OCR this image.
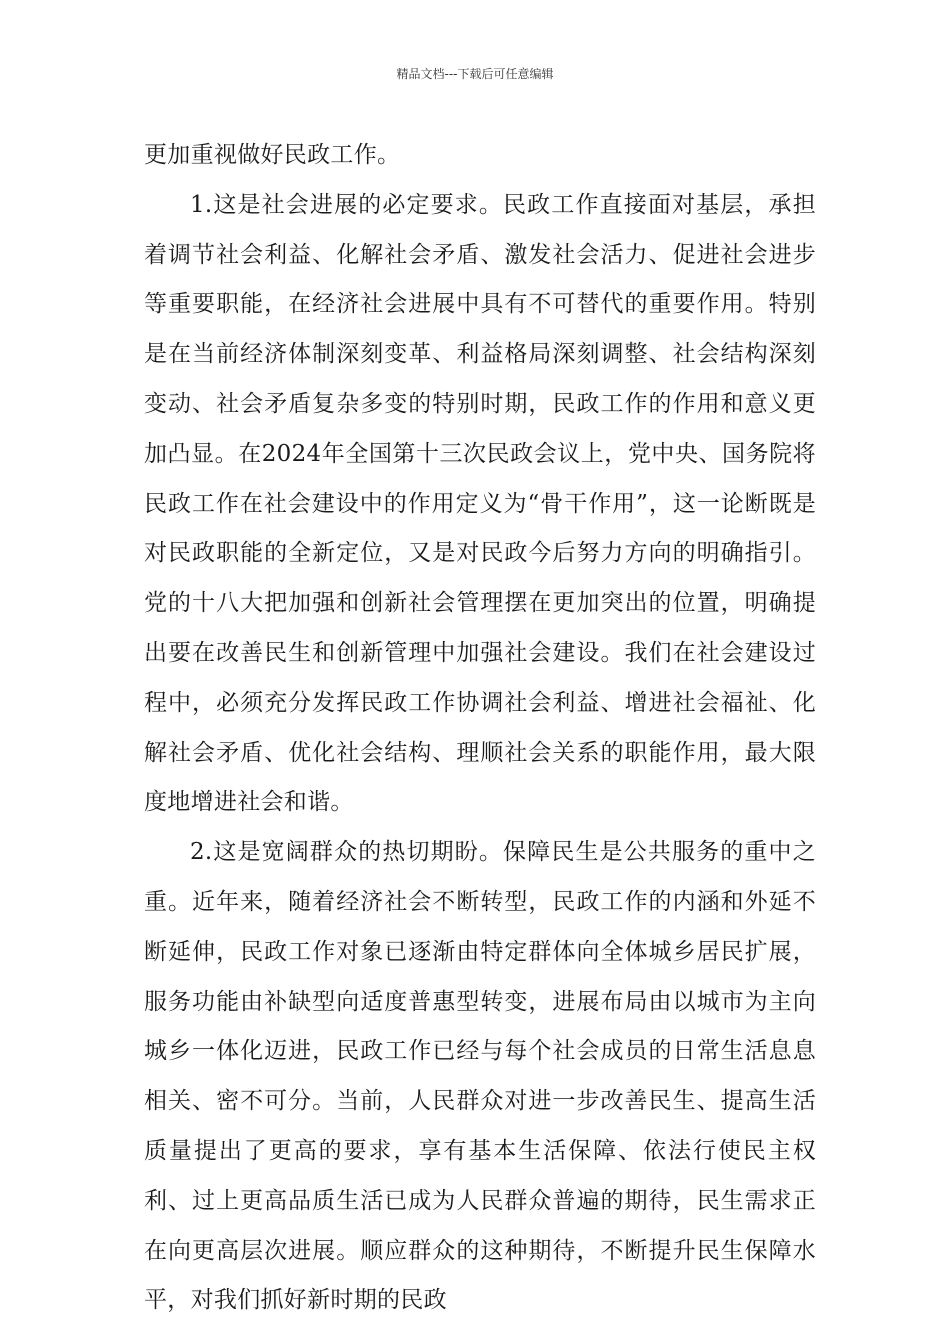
精品文档---下载后可任意编辑

更加重视做好民政工作。

1.这是社会进展的必定要求。民政工作直接面对基层，承担着调节社会利益、化解社会矛盾、激发社会活力、促进社会进步等重要职能，在经济社会进展中具有不可替代的重要作用。特别是在当前经济体制深刻变革、利益格局深刻调整、社会结构深刻变动、社会矛盾复杂多变的特别时期，民政工作的作用和意义更加凸显。在2024年全国第十三次民政会议上，党中央、国务院将民政工作在社会建设中的作用定义为“骨干作用”，这一论断既是对民政职能的全新定位，又是对民政今后努力方向的明确指引。党的十八大把加强和创新社会管理摆在更加突出的位置，明确提出要在改善民生和创新管理中加强社会建设。我们在社会建设过程中，必须充分发挥民政工作协调社会利益、增进社会福祉、化解社会矛盾、优化社会结构、理顺社会关系的职能作用，最大限度地增进社会和谐。

2.这是宽阔群众的热切期盼。保障民生是公共服务的重中之重。近年来，随着经济社会不断转型，民政工作的内涵和外延不断延伸，民政工作对象已逐渐由特定群体向全体城乡居民扩展，服务功能由补缺型向适度普惠型转变，进展布局由以城市为主向城乡一体化迈进，民政工作已经与每个社会成员的日常生活息息相关、密不可分。当前，人民群众对进一步改善民生、提高生活质量提出了更高的要求，享有基本生活保障、依法行使民主权利、过上更高品质生活已成为人民群众普遍的期待，民生需求正在向更高层次进展。顺应群众的这种期待，不断提升民生保障水平，对我们抓好新时期的民政
